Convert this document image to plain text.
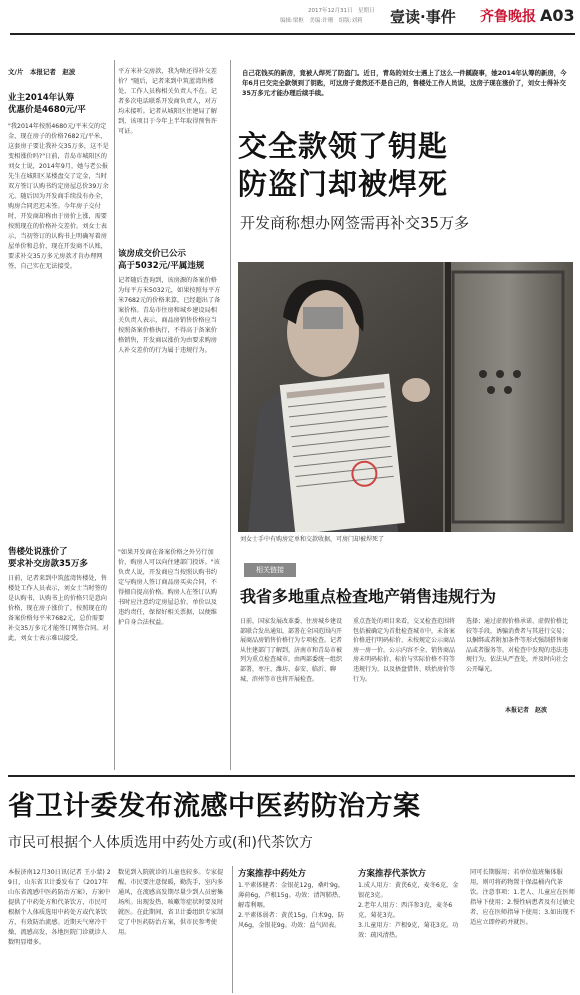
2017年12月31日　星期日
编辑:梁枢　美编:许珊　组版:刘莉 壹读·事件 齐鲁晚报 A03
文/片　本报记者　赵波
业主2014年认筹
优惠价是4680元/平
"我2014年按照4680元/平米交的定金，现在房子的价格7682元/平米，这套房子要让我补交35万多，这不是变相涨价吗?"日前，青岛市城阳区的刘女士说，2014年9月，她与老公报先生在城阳区某楼盘交了定金，当时双方签订认购书约定房屋总价39万余元。随后因为开发商手续没有办全，购房合同迟迟未签。今年房子交付时，开发商却称由于房价上涨，需要按照现在的价格补交差价。刘女士表示，当初签订的认购书上明确写着房屋单价和总价，现在开发商不认账，要求补交35万多元房款才肯办理网签，自己实在无法接受。
售楼处说涨价了
要求补交房款35万多
日前，记者来到中筑蓝湾售楼处，售楼处工作人员表示，刘女士当时签的是认购书，认购书上的价格只是意向价格，现在房子涨价了，按照现在的备案价格每平米7682元，总价需要补交35万多元才能签订网签合同。对此，刘女士表示难以接受。
平方米补交房款，我为啥还得补交差价？"随后，记者来到中筑蓝湾售楼处，工作人员称相关负责人不在。记者多次电话联系开发商负责人，对方均未接听。记者从城阳区住建局了解到，该项目于今年上半年取得预售许可证。
该房成交价已公示
高于5032元/平属违规
记者随后查询到，该房源的备案价格为每平方米5032元，如果按照每平方米7682元的价格来算，已经超出了备案价格。青岛市住房和城乡建设局相关负责人表示，商品房销售价格应当按照备案价格执行，不得高于备案价格销售，开发商以涨价为由要求购房人补交差价的行为属于违规行为。
"如果开发商在备案价格之外另行加价，购房人可以向住建部门投诉。"该负责人说，开发商应当按照认购书约定与购房人签订商品房买卖合同，不得擅自提高价格。购房人在签订认购书时应注意约定房屋总价、单价以及违约责任，保留好相关票据，以便维护自身合法权益。
自己花钱买的新房，竟被人焊死了防盗门。近日，青岛的刘女士遇上了这么一件蹊跷事，她2014年认筹的新房，今年6月已交完全款领到了钥匙，可这房子竟然还不是自己的，售楼处工作人员说，这房子现在涨价了，刘女士得补交35万多元才能办理后续手续。
交全款领了钥匙
防盗门却被焊死
开发商称想办网签需再补交35万多
刘女士手中有购房定单和交款收据，可房门却被焊死了
相关链接
我省多地重点检查地产销售违规行为
日前，国家发展改革委、住房城乡建设部联合发出通知，部署在全国范围内开展商品房销售价格行为专项检查。记者从住建部门了解到，济南市和青岛市被列为重点检查城市，由两部委统一组织部署，枣庄、潍坊、泰安、临沂、聊城、滨州等市也将开展检查。
重点查处的项目来看，交叉检查范围将包括被确定为首批检查城市中，未备案价格进行明码标价、未按规定公示商品房一房一价，公示内容不全、销售商品房未明码标价、标价与实际价格不符等违规行为，以及捂盘惜售、哄抬房价等行为。
选择；通过虚假价格承诺、虚假价格比较等手段，诱骗消费者与其进行交易；以捆绑或者附加条件等形式强制搭售商品或者服务等。对检查中发现的违法违规行为，依法从严查处，并及时向社会公开曝光。
本报记者　赵波
省卫计委发布流感中医药防治方案
市民可根据个人体质选用中药处方或(和)代茶饮方
本报济南12月30日讯(记者 王小蒙) 29日，山东省卫计委发布了《2017年山东省流感中医药防治方案》，方案中提供了中药处方和代茶饮方，市民可根据个人体质选用中药处方或代茶饮方，有效防治流感。近期天气寒冷干燥，流感高发，各地医院门诊就诊人数明显增多。
数见到入院就诊的儿童也较多。专家提醒，市民要注意保暖，勤洗手，室内多通风，在流感高发期尽量少到人员密集场所。出现发热、咳嗽等症状时要及时就医。在此期间，省卫计委组织专家制定了中医药防治方案，供市民参考使用。
方案推荐中药处方
1.平素体健者：金银花12g，桑叶9g，薄荷6g，芦根15g。功效：清泻肺热、解毒利咽。
2.平素体弱者：黄芪15g，白术9g，防风6g，金银花9g。功效：益气固表。
方案推荐代茶饮方
1.成人用方：黄芪6克，麦冬6克，金银花3克。
2.老年人用方：西洋参3克，麦冬6克，菊花3克。
3.儿童用方：芦根9克，菊花3克。功效：疏风清热。
同可长期服用；若单位值班集体服用，则可将药物置于保温桶内代茶饮。注意事项：1.老人、儿童应在医师指导下使用；2.慢性病患者及有过敏史者，应在医师指导下使用；3.如出现不适应立即停药并就医。
